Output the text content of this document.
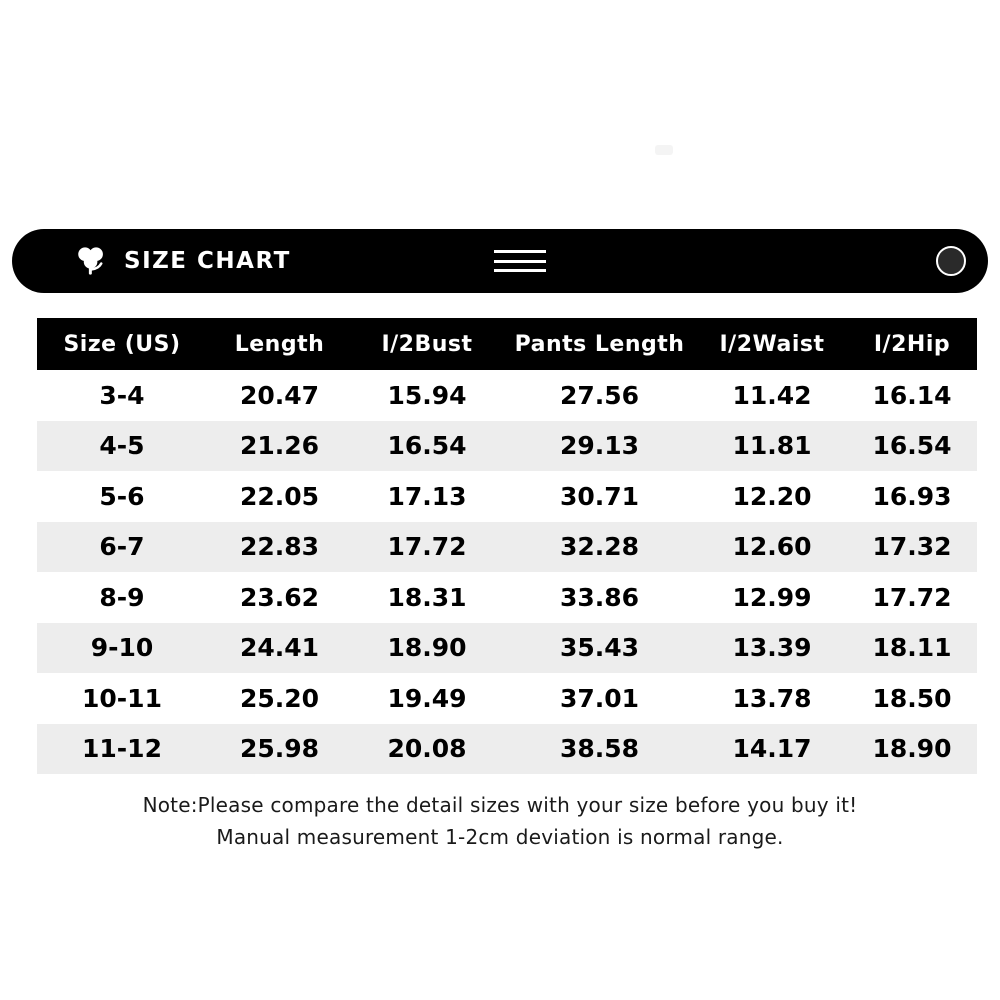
SIZE CHART
Size (US)	Length	I/2Bust	Pants Length	I/2Waist	I/2Hip
3-4	20.47	15.94	27.56	11.42	16.14
4-5	21.26	16.54	29.13	11.81	16.54
5-6	22.05	17.13	30.71	12.20	16.93
6-7	22.83	17.72	32.28	12.60	17.32
8-9	23.62	18.31	33.86	12.99	17.72
9-10	24.41	18.90	35.43	13.39	18.11
10-11	25.20	19.49	37.01	13.78	18.50
11-12	25.98	20.08	38.58	14.17	18.90
Note:Please compare the detail sizes with your size before you buy it!
Manual measurement 1-2cm deviation is normal range.
